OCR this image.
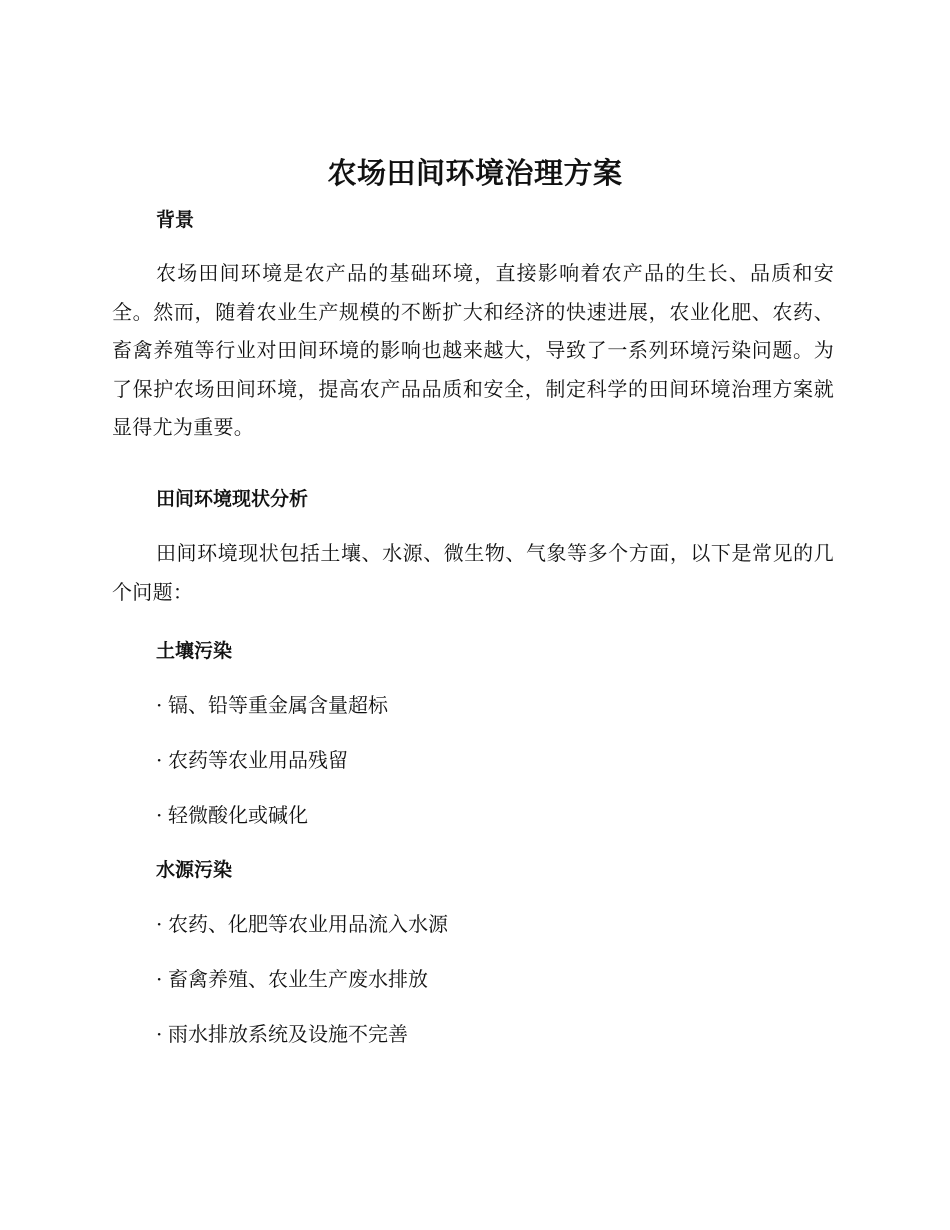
农场田间环境治理方案
背景

农场田间环境是农产品的基础环境，直接影响着农产品的生长、品质和安全。然而，随着农业生产规模的不断扩大和经济的快速进展，农业化肥、农药、畜禽养殖等行业对田间环境的影响也越来越大，导致了一系列环境污染问题。为了保护农场田间环境，提高农产品品质和安全，制定科学的田间环境治理方案就显得尤为重要。

田间环境现状分析

田间环境现状包括土壤、水源、微生物、气象等多个方面，以下是常见的几个问题：

土壤污染

· 镉、铅等重金属含量超标

· 农药等农业用品残留

· 轻微酸化或碱化

水源污染

· 农药、化肥等农业用品流入水源

· 畜禽养殖、农业生产废水排放

· 雨水排放系统及设施不完善
